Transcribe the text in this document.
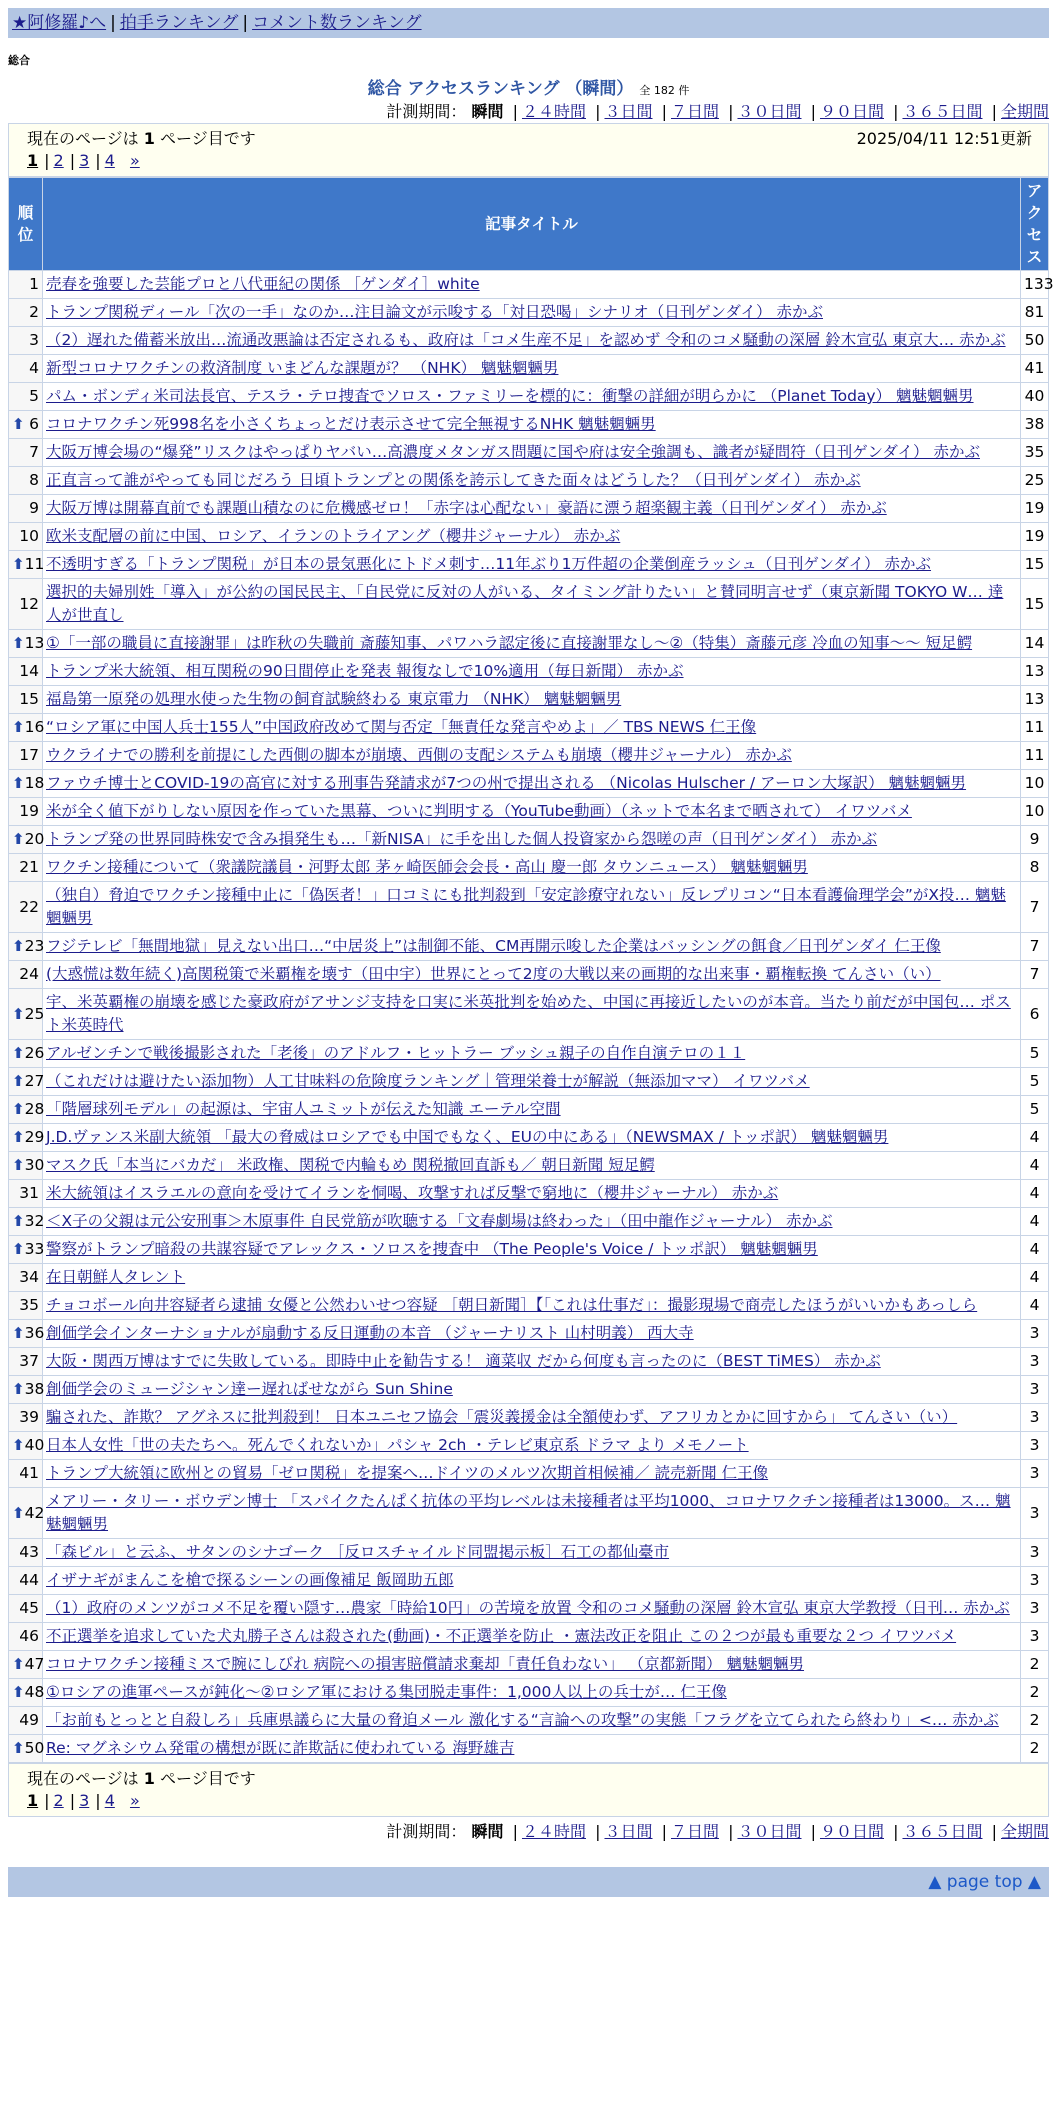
★阿修羅♪へ | 拍手ランキング | コメント数ランキング
総合
総合 アクセスランキング （瞬間） 全 182 件
計測期間： 瞬間 | ２４時間 | ３日間 | ７日間 | ３０日間 | ９０日間 | ３６５日間 | 全期間
現在のページは 1 ページ目です	2025/04/11 12:51更新
1 | 2 | 3 | 4 »
順位	記事タイトル	アクセス
1	売春を強要した芸能プロと八代亜紀の関係 ［ゲンダイ］white	133
2	トランプ関税ディール「次の一手」なのか…注目論文が示唆する「対日恐喝」シナリオ（日刊ゲンダイ） 赤かぶ	81
3	（2）遅れた備蓄米放出…流通改悪論は否定されるも、政府は「コメ生産不足」を認めず 令和のコメ騒動の深層 鈴木宣弘 東京大… 赤かぶ	50
4	新型コロナワクチンの救済制度 いまどんな課題が？ （NHK） 魑魅魍魎男	41
5	パム・ボンディ米司法長官、テスラ・テロ捜査でソロス・ファミリーを標的に：衝撃の詳細が明らかに （Planet Today） 魑魅魍魎男	40

⬆ 6	コロナワクチン死998名を小さくちょっとだけ表示させて完全無視するNHK 魑魅魍魎男	38
7	大阪万博会場の“爆発”リスクはやっぱりヤバい…高濃度メタンガス問題に国や府は安全強調も、識者が疑問符（日刊ゲンダイ） 赤かぶ	35
8	正直言って誰がやっても同じだろう 日頃トランプとの関係を誇示してきた面々はどうした？（日刊ゲンダイ） 赤かぶ	25
9	大阪万博は開幕直前でも課題山積なのに危機感ゼロ！「赤字は心配ない」豪語に漂う超楽観主義（日刊ゲンダイ） 赤かぶ	19
10	欧米支配層の前に中国、ロシア、イランのトライアング（櫻井ジャーナル） 赤かぶ	19

⬆ 11	不透明すぎる「トランプ関税」が日本の景気悪化にトドメ刺す…11年ぶり1万件超の企業倒産ラッシュ（日刊ゲンダイ） 赤かぶ	15
12	選択的夫婦別姓「導入」が公約の国民民主、「自民党に反対の人がいる、タイミング計りたい」と賛同明言せず（東京新聞 TOKYO W… 達人が世直し	15

⬆ 13	①「一部の職員に直接謝罪」は昨秋の失職前 斎藤知事、パワハラ認定後に直接謝罪なし〜②（特集）斎藤元彦 冷血の知事〜〜 短足鰐	14
14	トランプ米大統領、相互関税の90日間停止を発表 報復なしで10%適用（毎日新聞） 赤かぶ	13
15	福島第一原発の処理水使った生物の飼育試験終わる 東京電力 （NHK） 魑魅魍魎男	13

⬆ 16	“ロシア軍に中国人兵士155人”中国政府改めて関与否定「無責任な発言やめよ」／ TBS NEWS 仁王像	11
17	ウクライナでの勝利を前提にした西側の脚本が崩壊、西側の支配システムも崩壊（櫻井ジャーナル） 赤かぶ	11

⬆ 18	ファウチ博士とCOVID-19の高官に対する刑事告発請求が7つの州で提出される （Nicolas Hulscher / アーロン大塚訳） 魑魅魍魎男	10
19	米が全く値下がりしない原因を作っていた黒幕、ついに判明する（YouTube動画）（ネットで本名まで晒されて） イワツバメ	10

⬆ 20	トランプ発の世界同時株安で含み損発生も…「新NISA」に手を出した個人投資家から怨嗟の声（日刊ゲンダイ） 赤かぶ	9
21	ワクチン接種について（衆議院議員・河野太郎 茅ヶ崎医師会会長・高山 慶一郎 タウンニュース） 魑魅魍魎男	8
22	（独自）脅迫でワクチン接種中止に「偽医者！」口コミにも批判殺到「安定診療守れない」反レプリコン“日本看護倫理学会”がX投… 魑魅魍魎男	7

⬆ 23	フジテレビ「無間地獄」見えない出口…“中居炎上”は制御不能、CM再開示唆した企業はバッシングの餌食／日刊ゲンダイ 仁王像	7
24	(大惑慌は数年続く)高関税策で米覇権を壊す（田中宇）世界にとって2度の大戦以来の画期的な出来事・覇権転換 てんさい（い）	7

⬆ 25	宇、米英覇権の崩壊を感じた豪政府がアサンジ支持を口実に米英批判を始めた、中国に再接近したいのが本音。当たり前だが中国包… ポスト米英時代	6

⬆ 26	アルゼンチンで戦後撮影された「老後」のアドルフ・ヒットラー ブッシュ親子の自作自演テロの１１	5

⬆ 27	（これだけは避けたい添加物）人工甘味料の危険度ランキング｜管理栄養士が解説（無添加ママ） イワツバメ	5

⬆ 28	「階層球列モデル」の起源は、宇宙人ユミットが伝えた知識 エーテル空間	5

⬆ 29	J.D.ヴァンス米副大統領 「最大の脅威はロシアでも中国でもなく、EUの中にある」（NEWSMAX / トッポ訳） 魑魅魍魎男	4

⬆ 30	マスク氏「本当にバカだ」 米政権、関税で内輪もめ 関税撤回直訴も／ 朝日新聞 短足鰐	4
31	米大統領はイスラエルの意向を受けてイランを恫喝、攻撃すれば反撃で窮地に（櫻井ジャーナル） 赤かぶ	4

⬆ 32	＜X子の父親は元公安刑事＞木原事件 自民党筋が吹聴する「文春劇場は終わった」（田中龍作ジャーナル） 赤かぶ	4

⬆ 33	警察がトランプ暗殺の共謀容疑でアレックス・ソロスを捜査中 （The People's Voice / トッポ訳） 魑魅魍魎男	4
34	在日朝鮮人タレント	4
35	チョコボール向井容疑者ら逮捕 女優と公然わいせつ容疑 ［朝日新聞］【「これは仕事だ」：撮影現場で商売したほうがいいかもあっしら	4

⬆ 36	創価学会インターナショナルが扇動する反日運動の本音 （ジャーナリスト 山村明義） 西大寺	3
37	大阪・関西万博はすでに失敗している。即時中止を勧告する！ 適菜収 だから何度も言ったのに（BEST TiMES） 赤かぶ	3

⬆ 38	創価学会のミュージシャン達ー遅ればせながら Sun Shine	3
39	騙された、詐欺？ アグネスに批判殺到！ 日本ユニセフ協会「震災義援金は全額使わず、アフリカとかに回すから」 てんさい（い）	3

⬆ 40	日本人女性「世の夫たちへ。死んでくれないか」パシャ 2ch ・テレビ東京系 ドラマ より メモノート	3
41	トランプ大統領に欧州との貿易「ゼロ関税」を提案へ…ドイツのメルツ次期首相候補／ 読売新聞 仁王像	3

⬆ 42	メアリー・タリー・ボウデン博士 「スパイクたんぱく抗体の平均レベルは未接種者は平均1000、コロナワクチン接種者は13000。ス… 魑魅魍魎男	3
43	「森ビル」と云ふ、サタンのシナゴーク ［反ロスチャイルド同盟掲示板］石工の都仙臺市	3
44	イザナギがまんこを槍で探るシーンの画像補足 飯岡助五郎	3
45	（1）政府のメンツがコメ不足を覆い隠す…農家「時給10円」の苦境を放置 令和のコメ騒動の深層 鈴木宣弘 東京大学教授（日刊… 赤かぶ	3
46	不正選挙を追求していた犬丸勝子さんは殺された(動画)・不正選挙を防止 ・憲法改正を阻止 この２つが最も重要な２つ イワツバメ	3

⬆ 47	コロナワクチン接種ミスで腕にしびれ 病院への損害賠償請求棄却「責任負わない」 （京都新聞） 魑魅魍魎男	2

⬆ 48	①ロシアの進軍ペースが鈍化〜②ロシア軍における集団脱走事件：1,000人以上の兵士が… 仁王像	2
49	「お前もとっとと自殺しろ」兵庫県議らに大量の脅迫メール 激化する“言論への攻撃”の実態「フラグを立てられたら終わり」<… 赤かぶ	2

⬆ 50	Re: マグネシウム発電の構想が既に詐欺話に使われている 海野雄吉	2
現在のページは 1 ページ目です
1 | 2 | 3 | 4 »
計測期間： 瞬間 | ２４時間 | ３日間 | ７日間 | ３０日間 | ９０日間 | ３６５日間 | 全期間
▲ page top ▲
